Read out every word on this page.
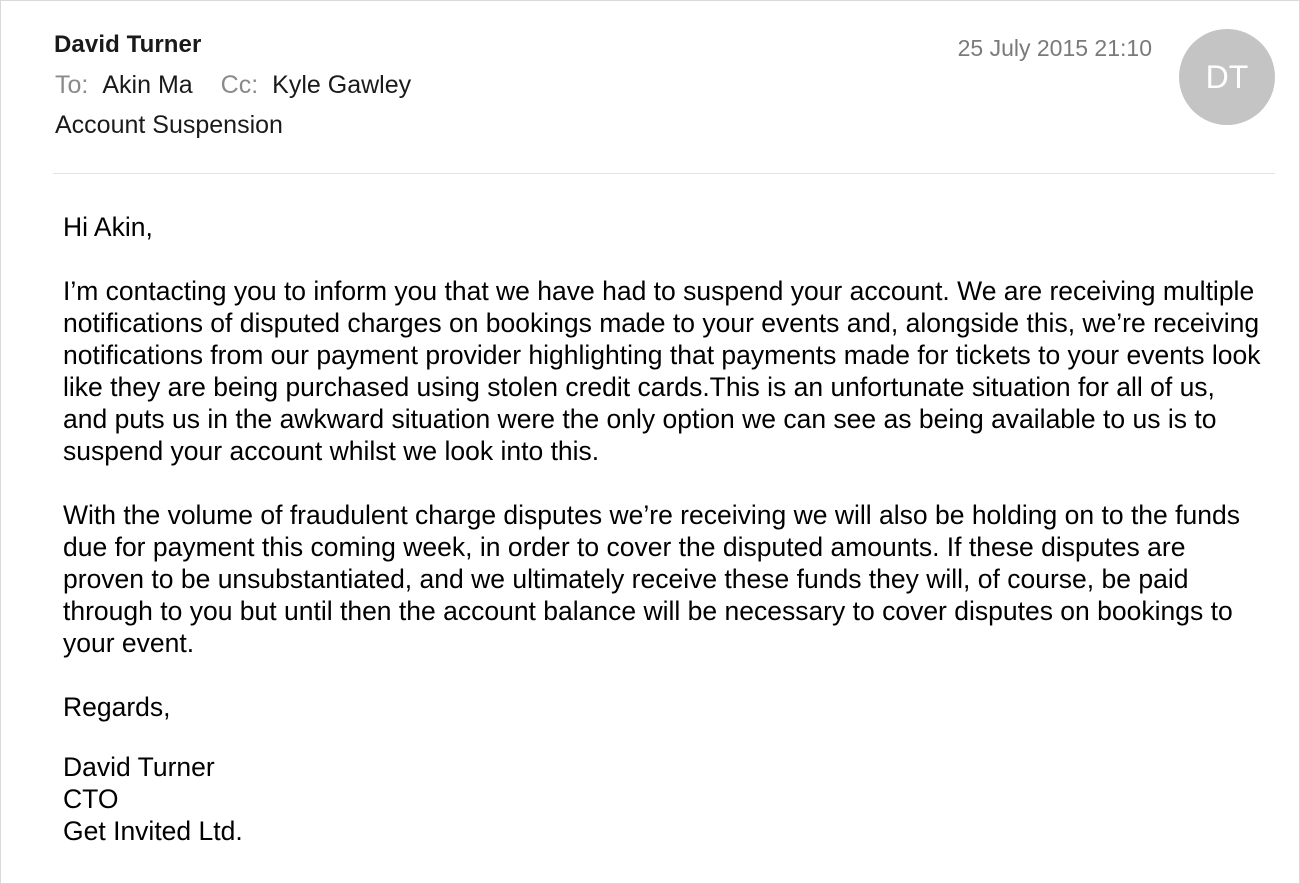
David Turner	25 July 2015 21:10
DT
To: Akin Ma Cc: Kyle Gawley
Account Suspension

Hi Akin,

I’m contacting you to inform you that we have had to suspend your account. We are receiving multiple notifications of disputed charges on bookings made to your events and, alongside this, we’re receiving notifications from our payment provider highlighting that payments made for tickets to your events look like they are being purchased using stolen credit cards.This is an unfortunate situation for all of us, and puts us in the awkward situation were the only option we can see as being available to us is to suspend your account whilst we look into this.

With the volume of fraudulent charge disputes we’re receiving we will also be holding on to the funds due for payment this coming week, in order to cover the disputed amounts. If these disputes are proven to be unsubstantiated, and we ultimately receive these funds they will, of course, be paid through to you but until then the account balance will be necessary to cover disputes on bookings to your event.

Regards,

David Turner

CTO

Get Invited Ltd.
